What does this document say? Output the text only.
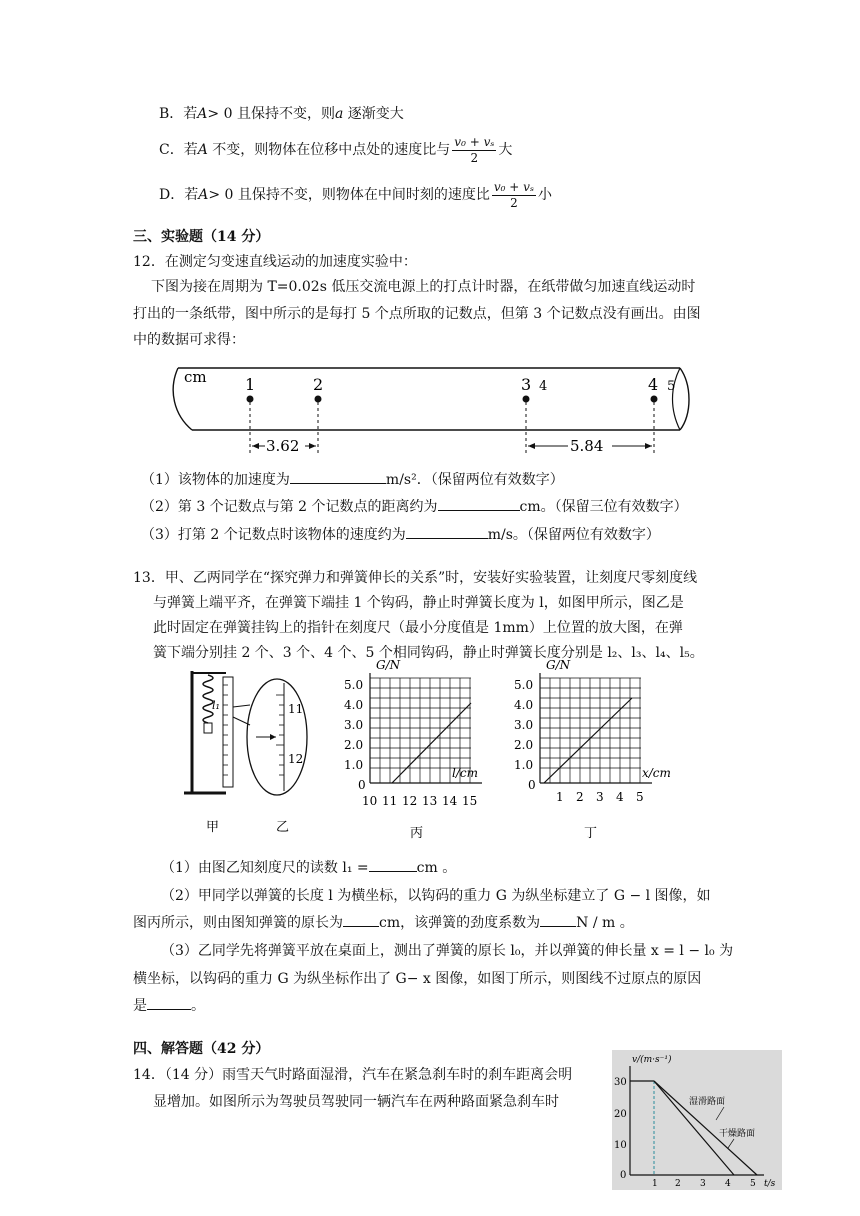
B．若A> 0 且保持不变，则a 逐渐变大
C．若A 不变，则物体在位移中点处的速度比与 $\frac{\text{v₀ + vₛ}}{2}$ 大
D．若A> 0 且保持不变，则物体在中间时刻的速度比 $\frac{\text{v₀ + vₛ}}{2}$ 小
三、实验题（14 分）
12．在测定匀变速直线运动的加速度实验中：
下图为接在周期为 T=0.02s 低压交流电源上的打点计时器，在纸带做匀加速直线运动时
打出的一条纸带，图中所示的是每打 5 个点所取的记数点，但第 3 个记数点没有画出。由图
中的数据可求得：
cm 1	2	3 4	4 5
3.62	5.84
（1）该物体的加速度为	m/s²．（保留两位有效数字）
（2）第 3 个记数点与第 2 个记数点的距离约为	cm。（保留三位有效数字）
（3）打第 2 个记数点时该物体的速度约为	m/s。（保留两位有效数字）
13．甲、乙两同学在“探究弹力和弹簧伸长的关系”时，安装好实验装置，让刻度尺零刻度线
与弹簧上端平齐，在弹簧下端挂 1 个钩码，静止时弹簧长度为 l，如图甲所示，图乙是
此时固定在弹簧挂钩上的指针在刻度尺（最小分度值是 1mm）上位置的放大图，在弹
簧下端分别挂 2 个、3 个、4 个、5 个相同钩码，静止时弹簧长度分别是 l₂、l₃、l₄、l₅。
l₁	11
12
甲	乙
G/N
5.0
4.0
3.0
2.0
1.0
0
l/cm
10 11 12 13 14 15
丙
G/N
5.0
4.0
3.0
2.0
1.0
0
x/cm
1 2 3 4 5
丁
（1）由图乙知刻度尺的读数 l₁ =	cm 。
（2）甲同学以弹簧的长度 l 为横坐标，以钩码的重力 G 为纵坐标建立了 G − l 图像，如
图丙所示，则由图知弹簧的原长为	cm，该弹簧的劲度系数为	N / m 。
（3）乙同学先将弹簧平放在桌面上，测出了弹簧的原长 l₀，并以弹簧的伸长量 x = l − l₀ 为
横坐标，以钩码的重力 G 为纵坐标作出了 G− x 图像，如图丁所示，则图线不过原点的原因
是	。
四、解答题（42 分）
14．（14 分）雨雪天气时路面湿滑，汽车在紧急刹车时的刹车距离会明
显增加。如图所示为驾驶员驾驶同一辆汽车在两种路面紧急刹车时
v/(m·s⁻¹)
湿滑路面
干燥路面
30
20
10
0
1 2 3 4 5 t/s
